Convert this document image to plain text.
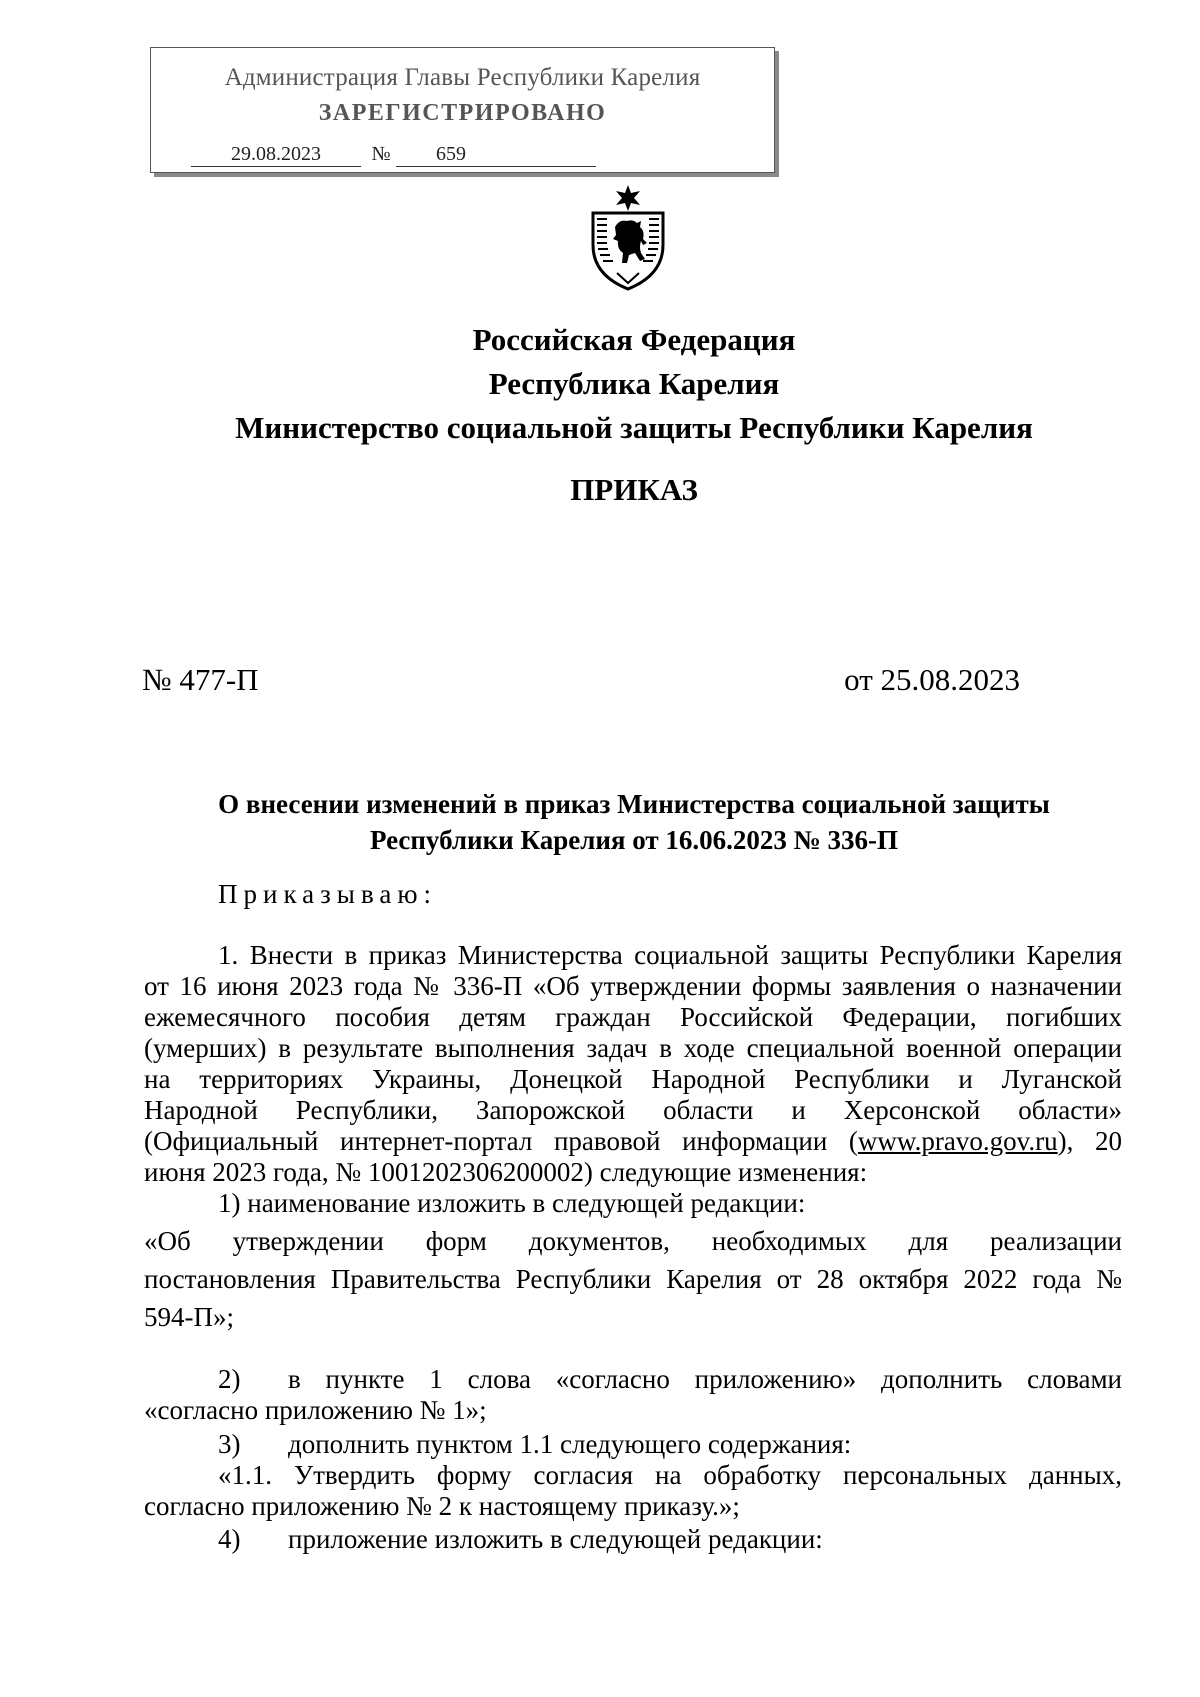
Администрация Главы Республики Карелия
ЗАРЕГИСТРИРОВАНО
29.08.2023	№	659
Российская Федерация
Республика Карелия
Министерство социальной защиты Республики Карелия
ПРИКАЗ
№ 477-П	от 25.08.2023
О внесении изменений в приказ Министерства социальной защиты
Республики Карелия от 16.06.2023 № 336-П
Приказываю:
1. Внести в приказ Министерства социальной защиты Республики Карелия
от 16 июня 2023 года № 336-П «Об утверждении формы заявления о назначении
ежемесячного пособия детям граждан Российской Федерации, погибших
(умерших) в результате выполнения задач в ходе специальной военной операции
на территориях Украины, Донецкой Народной Республики и Луганской
Народной Республики, Запорожской области и Херсонской области»
(Официальный интернет-портал правовой информации (www.pravo.gov.ru), 20
июня 2023 года, № 1001202306200002) следующие изменения:
1) наименование изложить в следующей редакции:
«Об утверждении форм документов, необходимых для реализации
постановления Правительства Республики Карелия от 28 октября 2022 года №
594-П»;
2) в пункте 1 слова «согласно приложению» дополнить словами
«согласно приложению № 1»;
3) дополнить пунктом 1.1 следующего содержания:
«1.1. Утвердить форму согласия на обработку персональных данных,
согласно приложению № 2 к настоящему приказу.»;
4) приложение изложить в следующей редакции:
